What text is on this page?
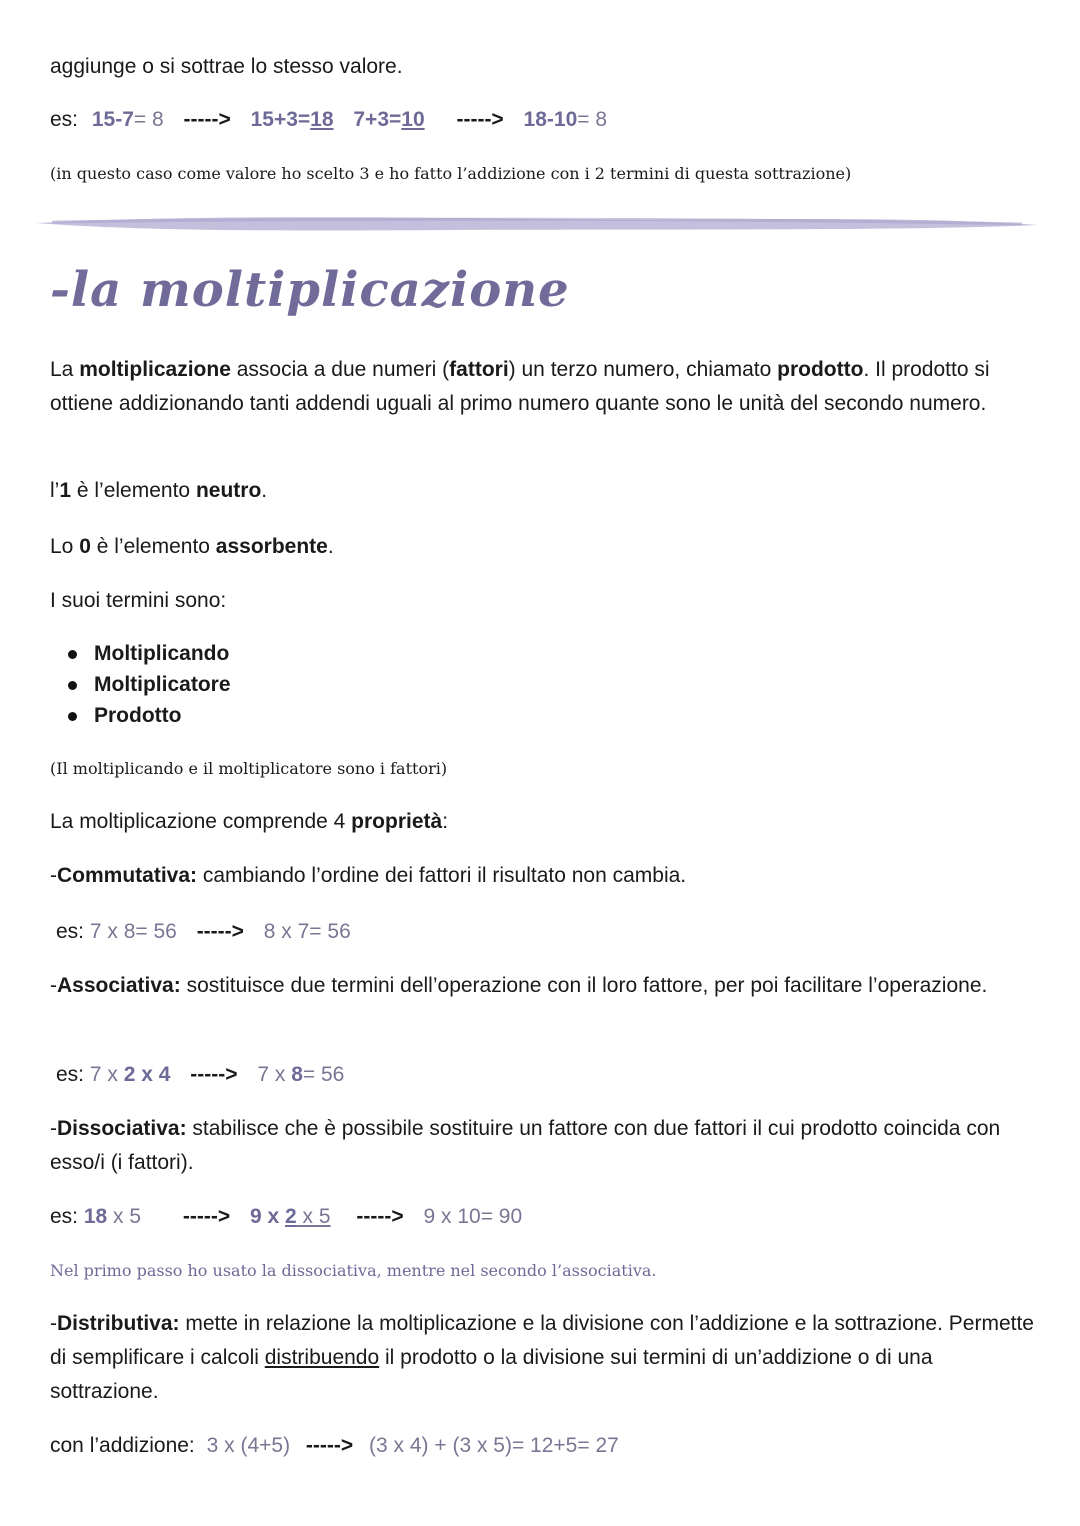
aggiunge o si sottrae lo stesso valore.
es: 15-7= 8 -----> 15+3=18 7+3=10 -----> 18-10= 8
(in questo caso come valore ho scelto 3 e ho fatto l’addizione con i 2 termini di questa sottrazione)
-la moltiplicazione
La moltiplicazione associa a due numeri (fattori) un terzo numero, chiamato prodotto. Il prodotto si ottiene addizionando tanti addendi uguali al primo numero quante sono le unità del secondo numero.
l’1 è l’elemento neutro.
Lo 0 è l’elemento assorbente.
I suoi termini sono:
Moltiplicando
Moltiplicatore
Prodotto
(Il moltiplicando e il moltiplicatore sono i fattori)
La moltiplicazione comprende 4 proprietà:
-Commutativa: cambiando l’ordine dei fattori il risultato non cambia.
es: 7 x 8= 56 -----> 8 x 7= 56
-Associativa: sostituisce due termini dell’operazione con il loro fattore, per poi facilitare l’operazione.
es: 7 x 2 x 4 -----> 7 x 8= 56
-Dissociativa: stabilisce che è possibile sostituire un fattore con due fattori il cui prodotto coincida con esso/i (i fattori).
es: 18 x 5 -----> 9 x 2 x 5 -----> 9 x 10= 90
Nel primo passo ho usato la dissociativa, mentre nel secondo l’associativa.
-Distributiva: mette in relazione la moltiplicazione e la divisione con l’addizione e la sottrazione. Permette di semplificare i calcoli distribuendo il prodotto o la divisione sui termini di un’addizione o di una sottrazione.
con l’addizione: 3 x (4+5) -----> (3 x 4) + (3 x 5)= 12+5= 27
